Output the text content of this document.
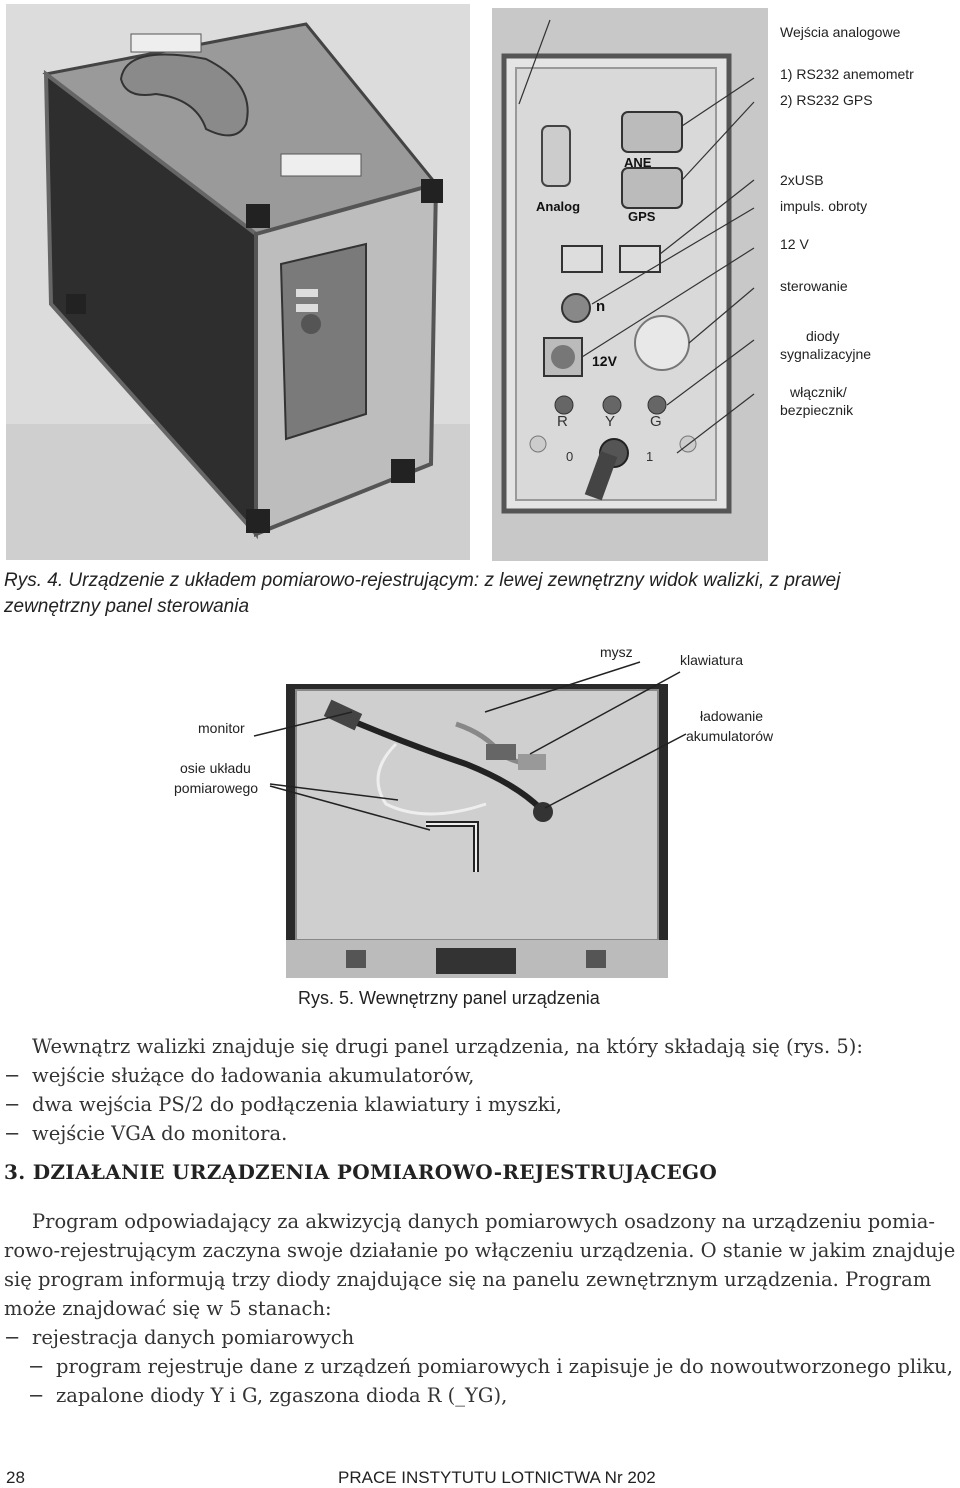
ANE
GPS
Analog
n
12V
R Y G
0	1
Wejścia analogowe
1) RS232 anemometr
2) RS232 GPS
2xUSB
impuls. obroty
12 V
sterowanie
diody
sygnalizacyjne
włącznik/
bezpiecznik
Rys. 4. Urządzenie z układem pomiarowo-rejestrującym: z lewej zewnętrzny widok walizki, z prawej
zewnętrzny panel sterowania
mysz	klawiatura
monitor
ładowanie
akumulatorów
osie układu
pomiarowego
Rys. 5. Wewnętrzny panel urządzenia
Wewnątrz walizki znajduje się drugi panel urządzenia, na który składają się (rys. 5):
− wejście służące do ładowania akumulatorów,
− dwa wejścia PS/2 do podłączenia klawiatury i myszki,
− wejście VGA do monitora.
3. DZIAŁANIE URZĄDZENIA POMIAROWO-REJESTRUJĄCEGO
Program odpowiadający za akwizycją danych pomiarowych osadzony na urządzeniu pomia-
rowo-rejestrującym zaczyna swoje działanie po włączeniu urządzenia. O stanie w jakim znajduje
się program informują trzy diody znajdujące się na panelu zewnętrznym urządzenia. Program
może znajdować się w 5 stanach:
− rejestracja danych pomiarowych
− program rejestruje dane z urządzeń pomiarowych i zapisuje je do nowoutworzonego pliku,
− zapalone diody Y i G, zgaszona dioda R (_YG),
28	PRACE INSTYTUTU LOTNICTWA Nr 202
